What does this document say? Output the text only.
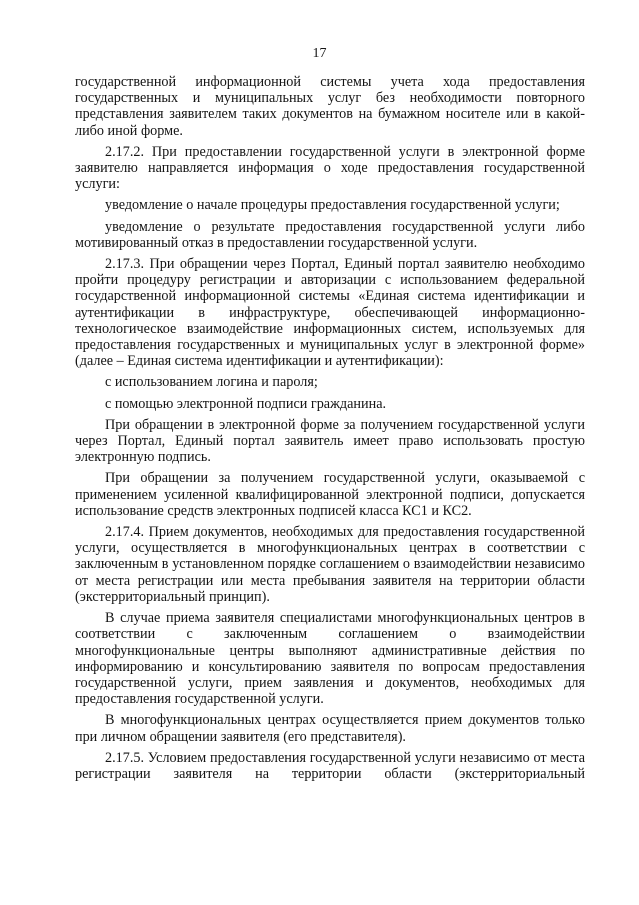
17

государственной информационной системы учета хода предоставления государственных и муниципальных услуг без необходимости повторного представления заявителем таких документов на бумажном носителе или в какой-либо иной форме.

2.17.2. При предоставлении государственной услуги в электронной форме заявителю направляется информация о ходе предоставления государственной услуги:

уведомление о начале процедуры предоставления государственной услуги;

уведомление о результате предоставления государственной услуги либо мотивированный отказ в предоставлении государственной услуги.

2.17.3. При обращении через Портал, Единый портал заявителю необходимо пройти процедуру регистрации и авторизации с использованием федеральной государственной информационной системы «Единая система идентификации и аутентификации в инфраструктуре, обеспечивающей информационно-технологическое взаимодействие информационных систем, используемых для предоставления государственных и муниципальных услуг в электронной форме» (далее – Единая система идентификации и аутентификации):

с использованием логина и пароля;

с помощью электронной подписи гражданина.

При обращении в электронной форме за получением государственной услуги через Портал, Единый портал заявитель имеет право использовать простую электронную подпись.

При обращении за получением государственной услуги, оказываемой с применением усиленной квалифицированной электронной подписи, допускается использование средств электронных подписей класса КС1 и КС2.

2.17.4. Прием документов, необходимых для предоставления государственной услуги, осуществляется в многофункциональных центрах в соответствии с заключенным в установленном порядке соглашением о взаимодействии независимо от места регистрации или места пребывания заявителя на территории области (экстерриториальный принцип).

В случае приема заявителя специалистами многофункциональных центров в соответствии с заключенным соглашением о взаимодействии многофункциональные центры выполняют административные действия по информированию и консультированию заявителя по вопросам предоставления государственной услуги, прием заявления и документов, необходимых для предоставления государственной услуги.

В многофункциональных центрах осуществляется прием документов только при личном обращении заявителя (его представителя).

2.17.5. Условием предоставления государственной услуги независимо от места регистрации заявителя на территории области (экстерриториальный
